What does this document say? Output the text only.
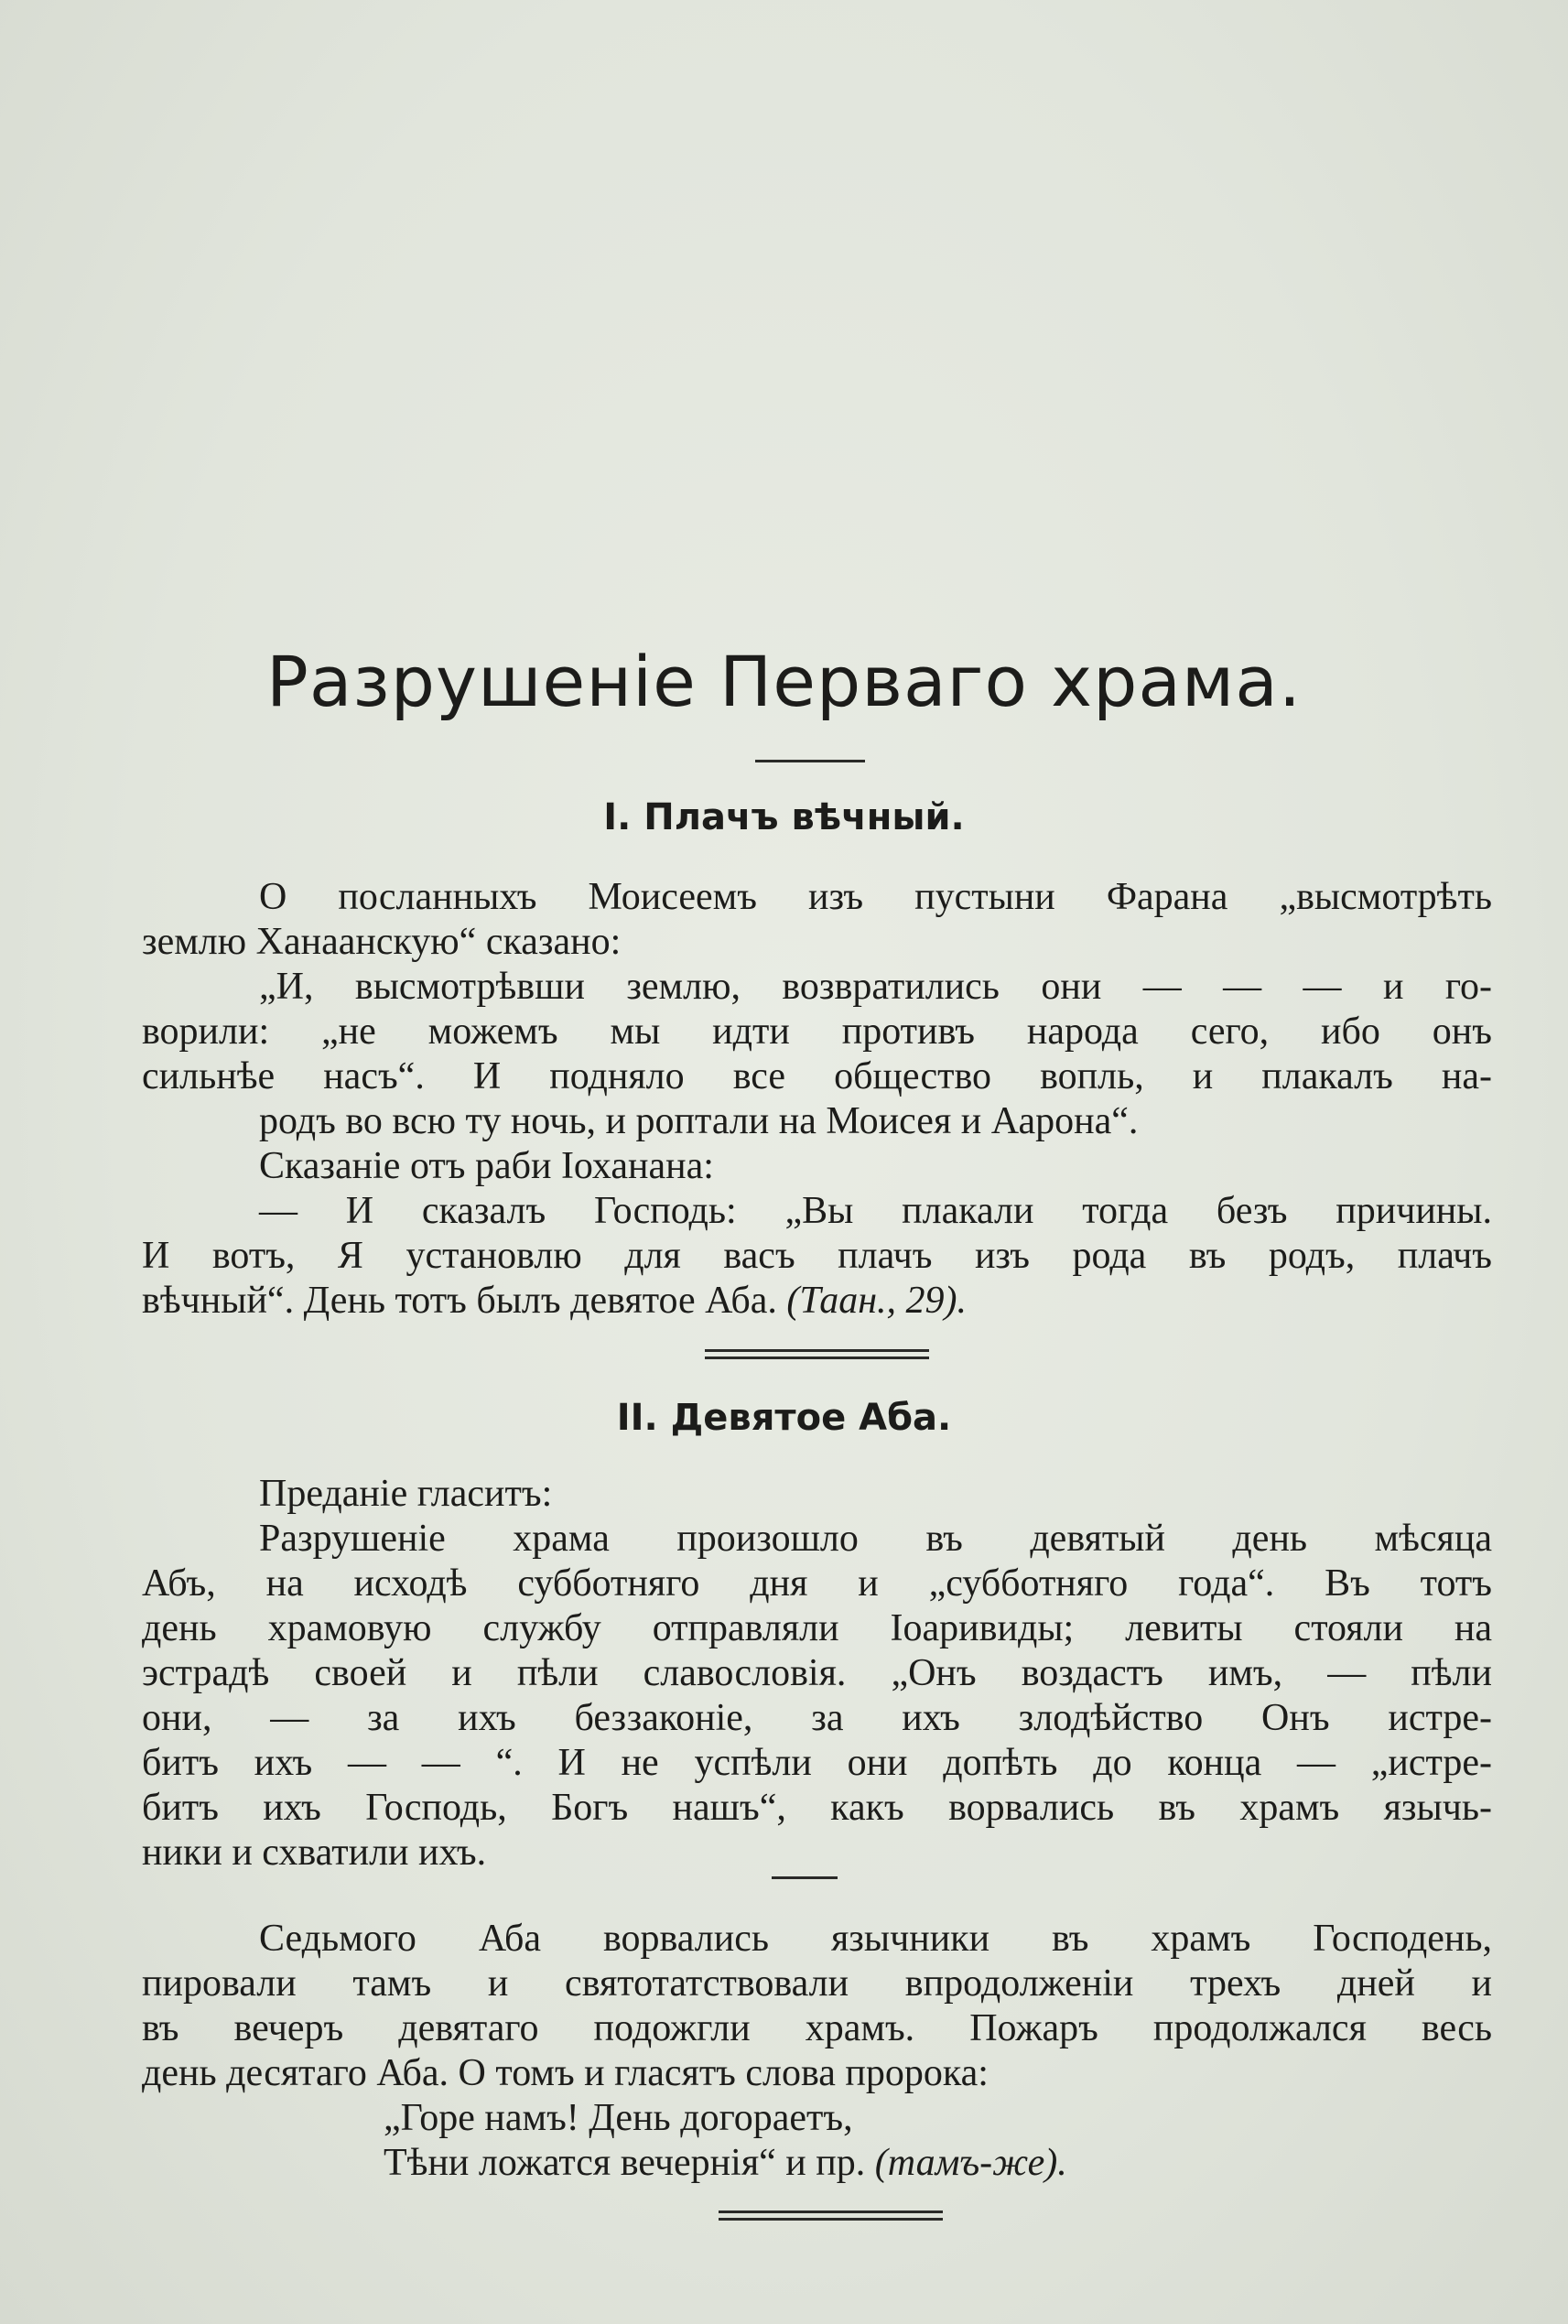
Разрушеніе Перваго храма.
I. Плачъ вѣчный.
О посланныхъ Моисеемъ изъ пустыни Фарана „высмотрѣть
землю Ханаанскую“ сказано:
„И, высмотрѣвши землю, возвратились они — — — и го-
ворили: „не можемъ мы идти противъ народа сего, ибо онъ
сильнѣе насъ“. И подняло все общество вопль, и плакалъ на-
родъ во всю ту ночь, и роптали на Моисея и Аарона“.
Сказаніе отъ раби Іоханана:
— И сказалъ Господь: „Вы плакали тогда безъ причины.
И вотъ, Я установлю для васъ плачъ изъ рода въ родъ, плачъ
вѣчный“. День тотъ былъ девятое Аба. (Таан., 29).
II. Девятое Аба.
Преданіе гласитъ:
Разрушеніе храма произошло въ девятый день мѣсяца
Абъ, на исходѣ субботняго дня и „субботняго года“. Въ тотъ
день храмовую службу отправляли Іоаривиды; левиты стояли на
эстрадѣ своей и пѣли славословія. „Онъ воздастъ имъ, — пѣли
они, — за ихъ беззаконіе, за ихъ злодѣйство Онъ истре-
битъ ихъ — — “. И не успѣли они допѣть до конца — „истре-
битъ ихъ Господь, Богъ нашъ“, какъ ворвались въ храмъ язычь-
ники и схватили ихъ.
Седьмого Аба ворвались язычники въ храмъ Господень,
пировали тамъ и святотатствовали впродолженіи трехъ дней и
въ вечеръ девятаго подожгли храмъ. Пожаръ продолжался весь
день десятаго Аба. О томъ и гласятъ слова пророка:
„Горе намъ! День догораетъ,
Тѣни ложатся вечернія“ и пр. (тамъ-же).
